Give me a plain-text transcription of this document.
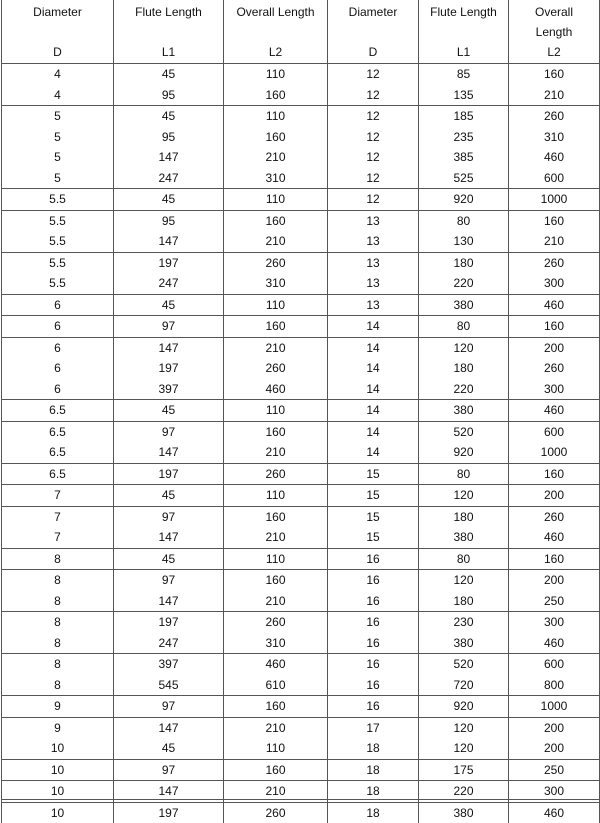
Diameter	Flute Length	Overall Length	Diameter	Flute Length	Overall
Length
D	L1	L2	D	L1	L2
4	45	110	12	85	160
4	95	160	12	135	210
5	45	110	12	185	260
5	95	160	12	235	310
5	147	210	12	385	460
5	247	310	12	525	600
5.5	45	110	12	920	1000
5.5	95	160	13	80	160
5.5	147	210	13	130	210
5.5	197	260	13	180	260
5.5	247	310	13	220	300
6	45	110	13	380	460
6	97	160	14	80	160
6	147	210	14	120	200
6	197	260	14	180	260
6	397	460	14	220	300
6.5	45	110	14	380	460
6.5	97	160	14	520	600
6.5	147	210	14	920	1000
6.5	197	260	15	80	160
7	45	110	15	120	200
7	97	160	15	180	260
7	147	210	15	380	460
8	45	110	16	80	160
8	97	160	16	120	200
8	147	210	16	180	250
8	197	260	16	230	300
8	247	310	16	380	460
8	397	460	16	520	600
8	545	610	16	720	800
9	97	160	16	920	1000
9	147	210	17	120	200
10	45	110	18	120	200
10	97	160	18	175	250
10	147	210	18	220	300
10	197	260	18	380	460
